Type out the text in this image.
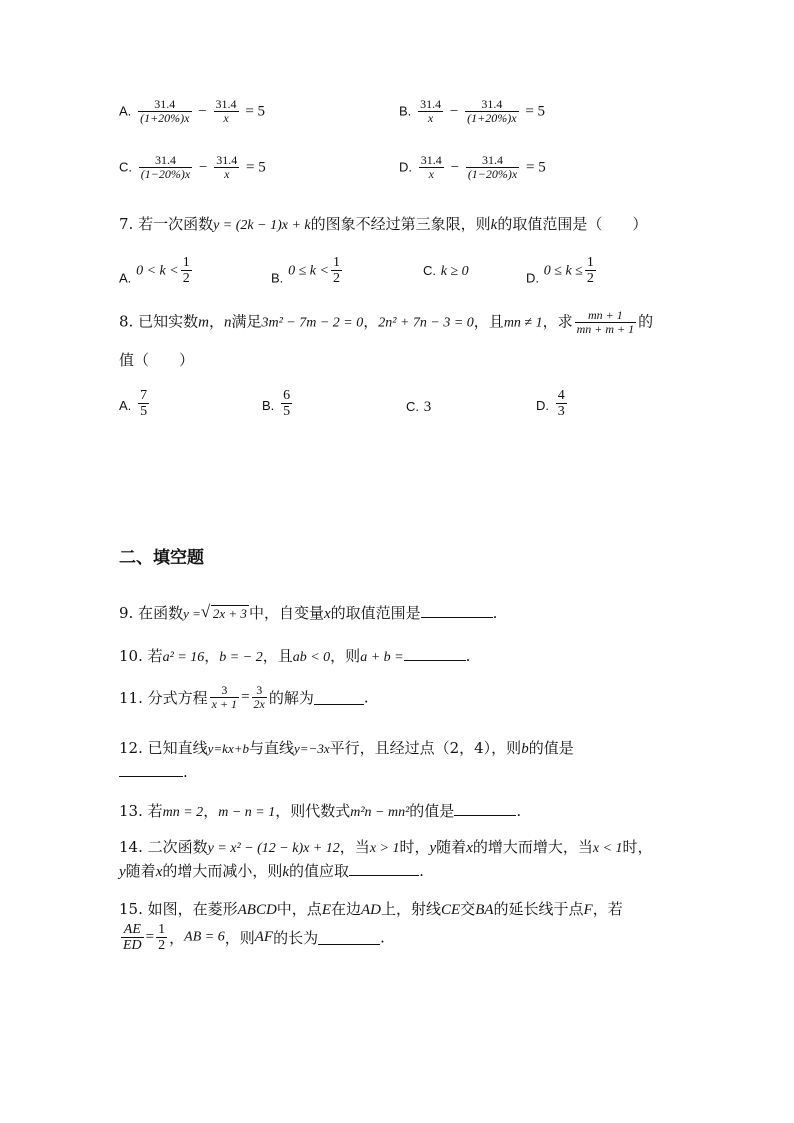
A. $\frac{31.4}{(1+20\%)x} - \frac{31.4}{x} = 5$	B. $\frac{31.4}{x} - \frac{31.4}{(1+20\%)x} = 5$
C. $\frac{31.4}{(1-20\%)x} - \frac{31.4}{x} = 5$	D. $\frac{31.4}{x} - \frac{31.4}{(1-20\%)x} = 5$
7. 若一次函数y = (2k − 1)x + k的图象不经过第三象限，则k的取值范围是（　　）
A. $0 < k < \frac{1}{2}$	B. $0 \le k < \frac{1}{2}$	C. k ≥ 0	D. $0 \le k \le \frac{1}{2}$
8. 已知实数m，n满足3m² − 7m − 2 = 0，2n² + 7n − 3 = 0，且mn ≠ 1，求 $\frac{mn + 1}{mn + m + 1}$ 的
值（　　）
A. $\frac{7}{5}$	B. $\frac{6}{5}$	C. 3	D. $\frac{4}{3}$
二、填空题
9. 在函数y = √ 2x + 3 中，自变量x的取值范围是	.
10. 若a² = 16，b = − 2，且ab < 0，则a + b =	.
11. 分式方程 $\frac{3}{x + 1} = \frac{3}{2x}$ 的解为	.
12. 已知直线y=kx+b与直线y=−3x平行，且经过点（2，4），则b的值是
.
13. 若mn = 2，m − n = 1，则代数式m²n − mn²的值是	.
14. 二次函数y = x² − (12 − k)x + 12，当x > 1时，y随着x的增大而增大，当x < 1时，
y随着x的增大而减小，则k的值应取	.
15. 如图，在菱形ABCD中，点E在边AD上，射线CE交BA的延长线于点F，若
$\frac{AE}{ED} = \frac{1}{2}$ ，AB = 6，则AF的长为	.
